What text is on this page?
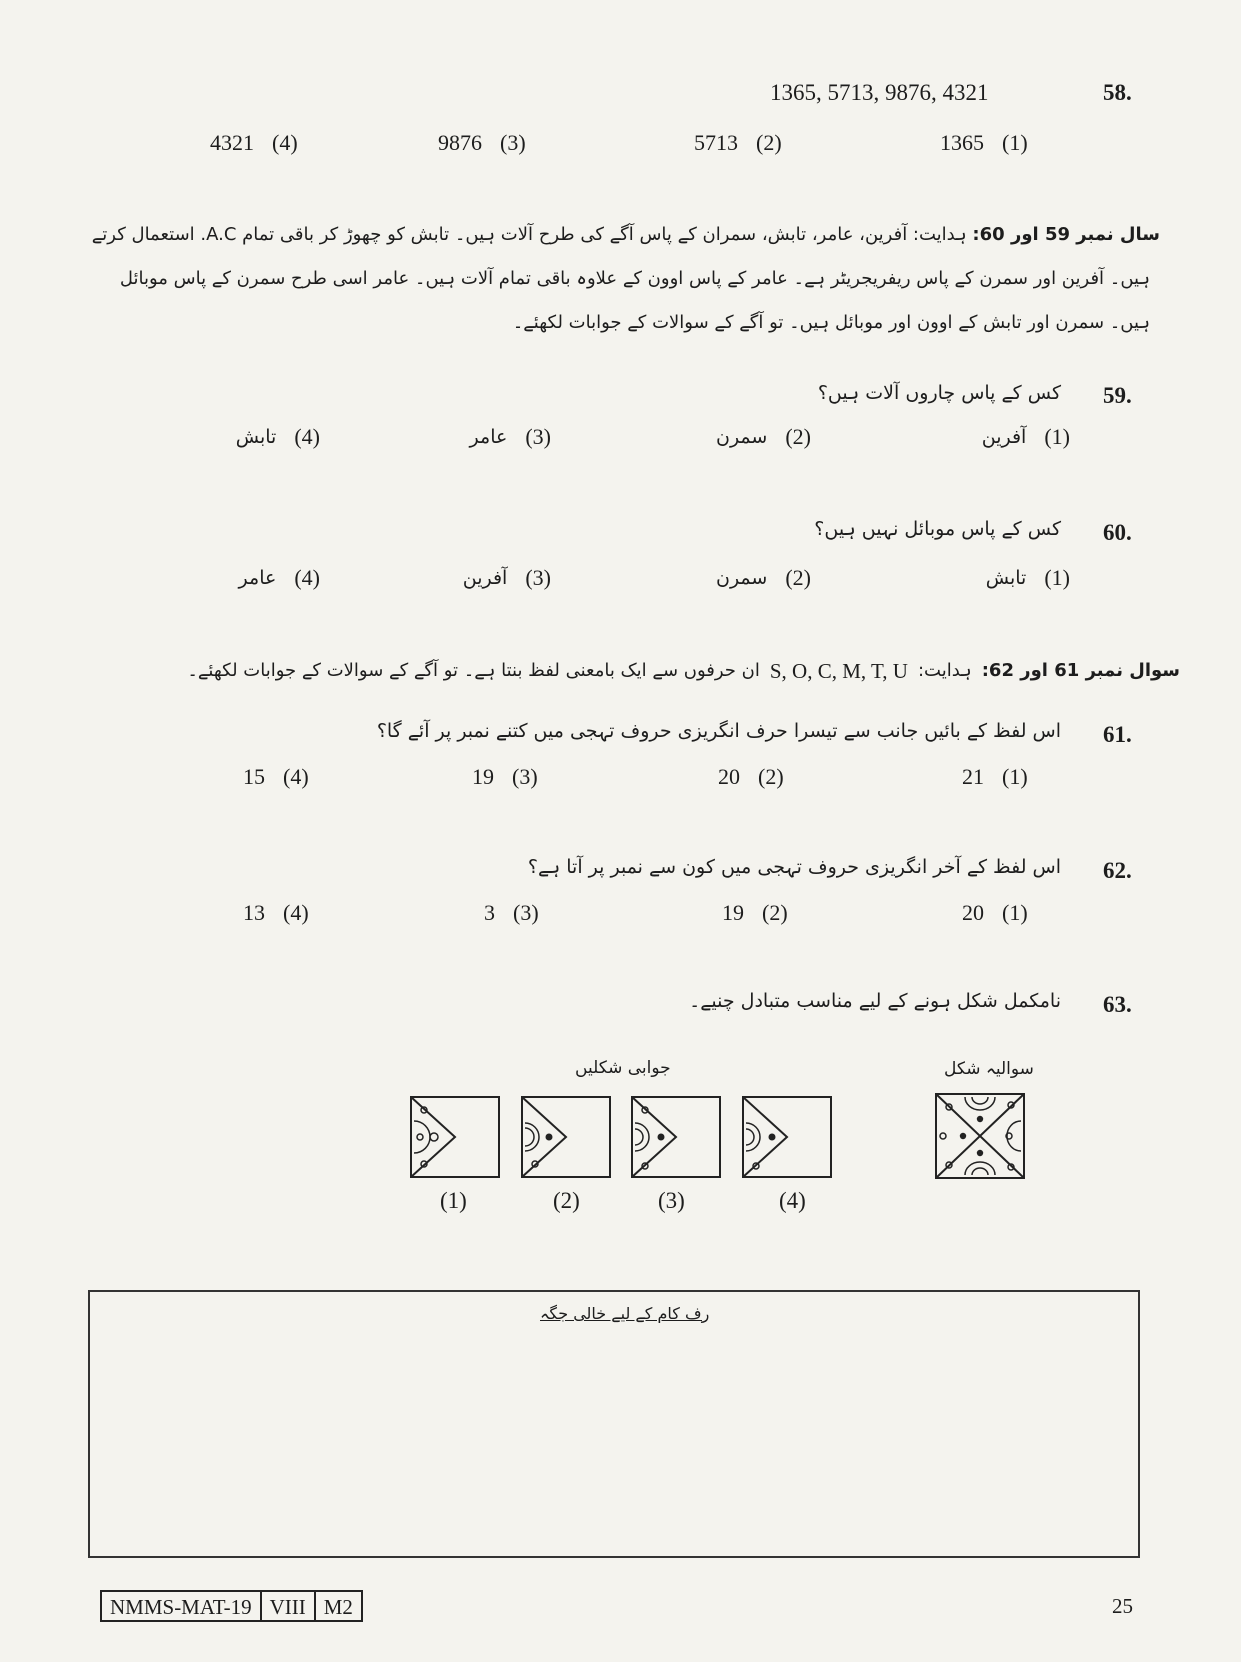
58.
1365, 5713, 9876, 4321
4321 (4)	9876 (3)	5713 (2)	1365 (1)
سال نمبر 59 اور 60: ہدایت: آفرین، عامر، تابش، سمران کے پاس آگے کی طرح آلات ہیں۔ تابش کو چھوڑ کر باقی تمام A.C. استعمال کرتے
ہیں۔ آفرین اور سمرن کے پاس ریفریجریٹر ہے۔ عامر کے پاس اوون کے علاوہ باقی تمام آلات ہیں۔ عامر اسی طرح سمرن کے پاس موبائل
ہیں۔ سمرن اور تابش کے اوون اور موبائل ہیں۔ تو آگے کے سوالات کے جوابات لکھئے۔
59.
کس کے پاس چاروں آلات ہیں؟
آفرین (1)
سمرن (2)
عامر (3)
تابش (4)
60.
کس کے پاس موبائل نہیں ہیں؟
تابش (1)
سمرن (2)
آفرین (3)
عامر (4)
سوال نمبر 61 اور 62:
ہدایت:
S, O, C, M, T, U
ان حرفوں سے ایک بامعنی لفظ بنتا ہے۔ تو آگے کے سوالات کے جوابات لکھئے۔
61.
اس لفظ کے بائیں جانب سے تیسرا حرف انگریزی حروف تہجی میں کتنے نمبر پر آئے گا؟
15 (4)	19 (3)	20 (2)	21 (1)
62.
اس لفظ کے آخر انگریزی حروف تہجی میں کون سے نمبر پر آتا ہے؟
13 (4)	3 (3)	19 (2)	20 (1)
63.
نامکمل شکل ہونے کے لیے مناسب متبادل چنیے۔
جوابی شکلیں	سوالیہ شکل
(1)	(2)	(3)	(4)
رف کام کے لیے خالی جگہ
NMMS-MAT-19 VIII M2	25
